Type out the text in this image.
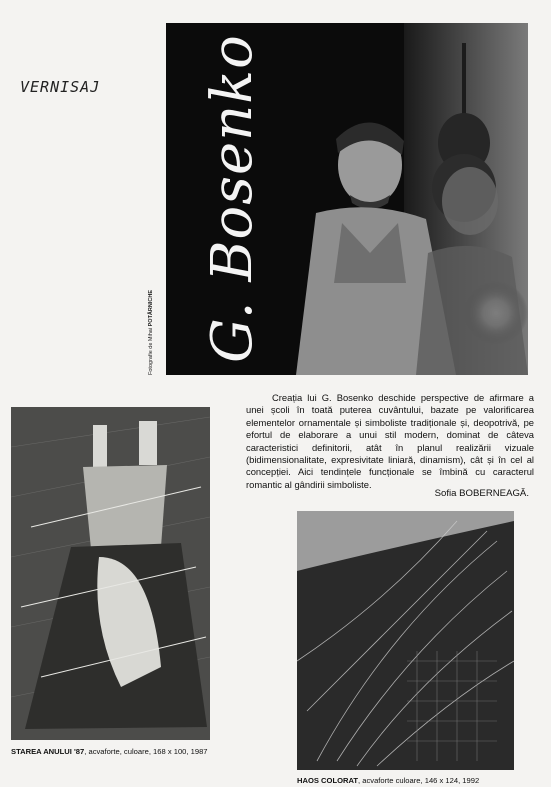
VERNISAJ
Fotografie de Mihai POTÂRNICHE G. Bosenko

Creația lui G. Bosenko deschide perspective de afirmare a unei școli în toată puterea cuvântului, bazate pe valorificarea elementelor ornamentale și simboliste tradiționale și, deopotrivă, pe efortul de elaborare a unui stil modern, dominat de câteva caracteristici definitorii, atât în planul realizării vizuale (bidimensionalitate, expresivitate liniară, dinamism), cât și în cel al concepției. Aici tendințele funcționale se îmbină cu caracterul romantic al gândirii simboliste.

Sofia BOBERNEAGĂ.
STAREA ANULUI '87, acvaforte, culoare, 168 x 100, 1987
HAOS COLORAT, acvaforte culoare, 146 x 124, 1992
